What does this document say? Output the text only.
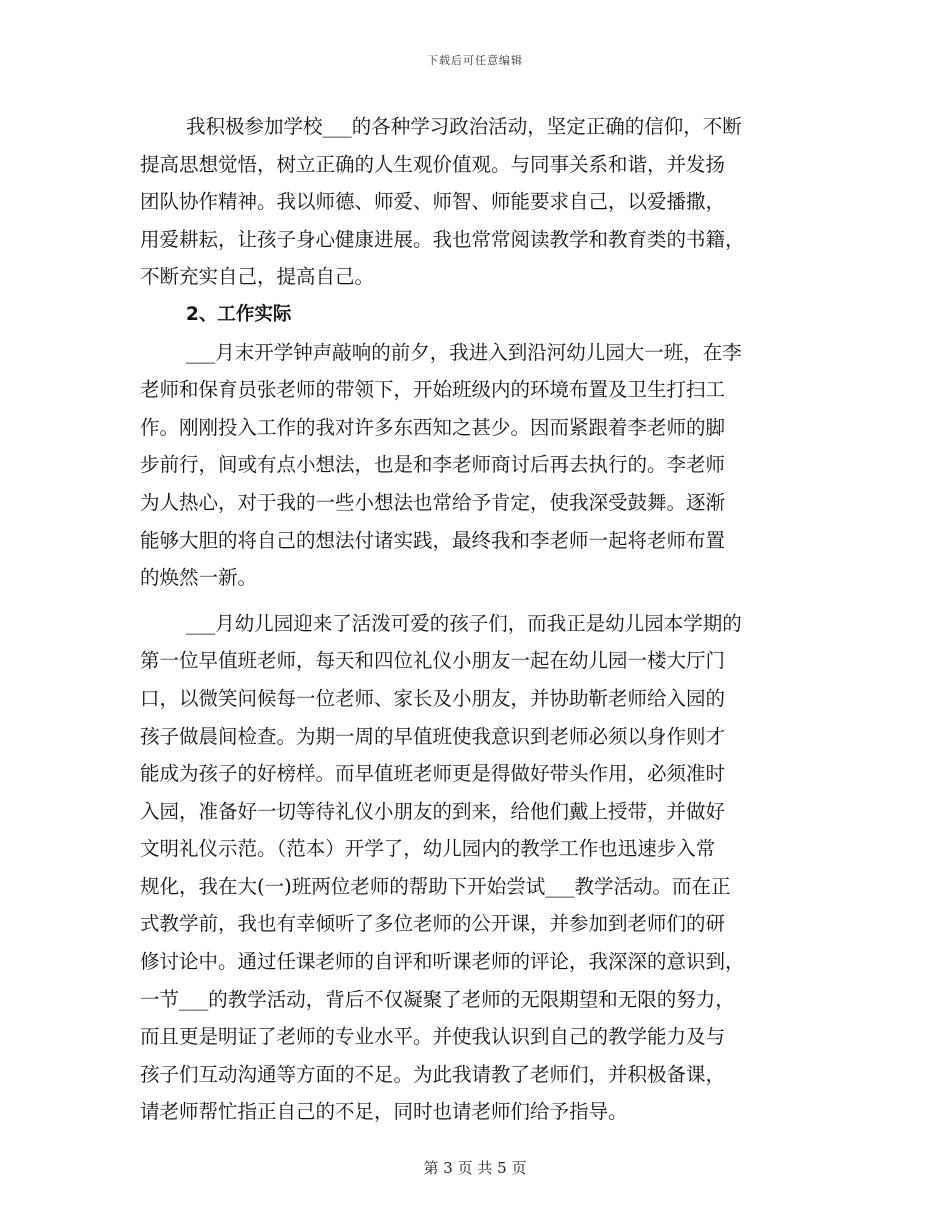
下载后可任意编辑
我积极参加学校___的各种学习政治活动，坚定正确的信仰，不断
提高思想觉悟，树立正确的人生观价值观。与同事关系和谐，并发扬
团队协作精神。我以师德、师爱、师智、师能要求自己，以爱播撒，
用爱耕耘，让孩子身心健康进展。我也常常阅读教学和教育类的书籍，
不断充实自己，提高自己。
2、工作实际
___月末开学钟声敲响的前夕，我进入到沿河幼儿园大一班，在李
老师和保育员张老师的带领下，开始班级内的环境布置及卫生打扫工
作。刚刚投入工作的我对许多东西知之甚少。因而紧跟着李老师的脚
步前行，间或有点小想法，也是和李老师商讨后再去执行的。李老师
为人热心，对于我的一些小想法也常给予肯定，使我深受鼓舞。逐渐
能够大胆的将自己的想法付诸实践，最终我和李老师一起将老师布置
的焕然一新。
___月幼儿园迎来了活泼可爱的孩子们，而我正是幼儿园本学期的
第一位早值班老师，每天和四位礼仪小朋友一起在幼儿园一楼大厅门
口，以微笑问候每一位老师、家长及小朋友，并协助靳老师给入园的
孩子做晨间检查。为期一周的早值班使我意识到老师必须以身作则才
能成为孩子的好榜样。而早值班老师更是得做好带头作用，必须准时
入园，准备好一切等待礼仪小朋友的到来，给他们戴上授带，并做好
文明礼仪示范。（范本）开学了，幼儿园内的教学工作也迅速步入常
规化，我在大(一)班两位老师的帮助下开始尝试___教学活动。而在正
式教学前，我也有幸倾听了多位老师的公开课，并参加到老师们的研
修讨论中。通过任课老师的自评和听课老师的评论，我深深的意识到，
一节___的教学活动，背后不仅凝聚了老师的无限期望和无限的努力，
而且更是明证了老师的专业水平。并使我认识到自己的教学能力及与
孩子们互动沟通等方面的不足。为此我请教了老师们，并积极备课，
请老师帮忙指正自己的不足，同时也请老师们给予指导。
第 3 页 共 5 页
